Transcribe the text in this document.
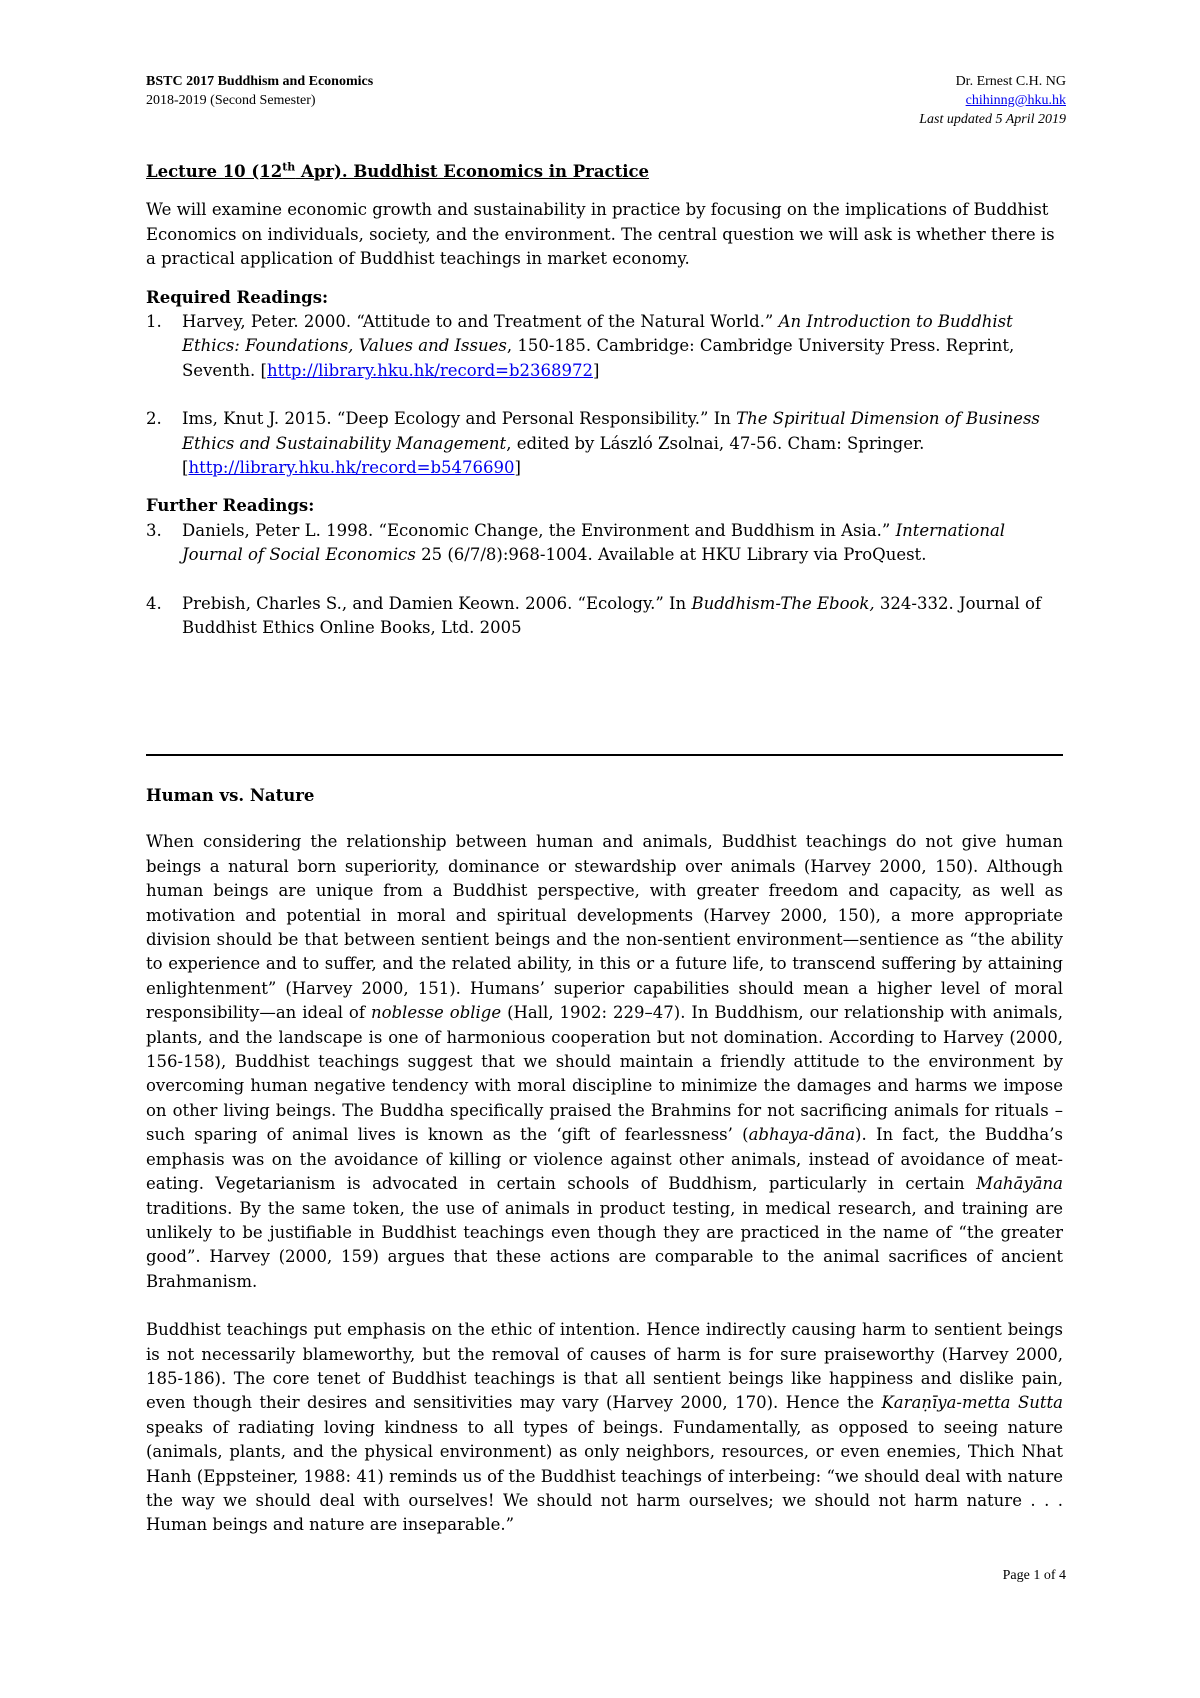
BSTC 2017 Buddhism and Economics
2018-2019 (Second Semester)
Dr. Ernest C.H. NG
chihinng@hku.hk
Last updated 5 April 2019

Lecture 10 (12th Apr). Buddhist Economics in Practice

We will examine economic growth and sustainability in practice by focusing on the implications of Buddhist Economics on individuals, society, and the environment. The central question we will ask is whether there is a practical application of Buddhist teachings in market economy.

Required Readings:

1. Harvey, Peter. 2000. “Attitude to and Treatment of the Natural World.” An Introduction to Buddhist Ethics: Foundations, Values and Issues, 150-185. Cambridge: Cambridge University Press. Reprint, Seventh. [http://library.hku.hk/record=b2368972]
2. Ims, Knut J. 2015. “Deep Ecology and Personal Responsibility.” In The Spiritual Dimension of Business Ethics and Sustainability Management, edited by László Zsolnai, 47-56. Cham: Springer. [http://library.hku.hk/record=b5476690]

Further Readings:

3. Daniels, Peter L. 1998. “Economic Change, the Environment and Buddhism in Asia.” International Journal of Social Economics 25 (6/7/8):968-1004. Available at HKU Library via ProQuest.
4. Prebish, Charles S., and Damien Keown. 2006. “Ecology.” In Buddhism-The Ebook, 324-332. Journal of Buddhist Ethics Online Books, Ltd. 2005
Human vs. Nature

When considering the relationship between human and animals, Buddhist teachings do not give human beings a natural born superiority, dominance or stewardship over animals (Harvey 2000, 150). Although human beings are unique from a Buddhist perspective, with greater freedom and capacity, as well as motivation and potential in moral and spiritual developments (Harvey 2000, 150), a more appropriate division should be that between sentient beings and the non-sentient environment—sentience as “the ability to experience and to suffer, and the related ability, in this or a future life, to transcend suffering by attaining enlightenment” (Harvey 2000, 151). Humans’ superior capabilities should mean a higher level of moral responsibility—an ideal of noblesse oblige (Hall, 1902: 229–47). In Buddhism, our relationship with animals, plants, and the landscape is one of harmonious cooperation but not domination. According to Harvey (2000, 156-158), Buddhist teachings suggest that we should maintain a friendly attitude to the environment by overcoming human negative tendency with moral discipline to minimize the damages and harms we impose on other living beings. The Buddha specifically praised the Brahmins for not sacrificing animals for rituals – such sparing of animal lives is known as the ‘gift of fearlessness’ (abhaya-dāna). In fact, the Buddha’s emphasis was on the avoidance of killing or violence against other animals, instead of avoidance of meat-eating. Vegetarianism is advocated in certain schools of Buddhism, particularly in certain Mahāyāna traditions. By the same token, the use of animals in product testing, in medical research, and training are unlikely to be justifiable in Buddhist teachings even though they are practiced in the name of “the greater good”. Harvey (2000, 159) argues that these actions are comparable to the animal sacrifices of ancient Brahmanism.

Buddhist teachings put emphasis on the ethic of intention. Hence indirectly causing harm to sentient beings is not necessarily blameworthy, but the removal of causes of harm is for sure praiseworthy (Harvey 2000, 185-186). The core tenet of Buddhist teachings is that all sentient beings like happiness and dislike pain, even though their desires and sensitivities may vary (Harvey 2000, 170). Hence the Karaṇīya-metta Sutta speaks of radiating loving kindness to all types of beings. Fundamentally, as opposed to seeing nature (animals, plants, and the physical environment) as only neighbors, resources, or even enemies, Thich Nhat Hanh (Eppsteiner, 1988: 41) reminds us of the Buddhist teachings of interbeing: “we should deal with nature the way we should deal with ourselves! We should not harm ourselves; we should not harm nature . . . Human beings and nature are inseparable.”

Page 1 of 4
